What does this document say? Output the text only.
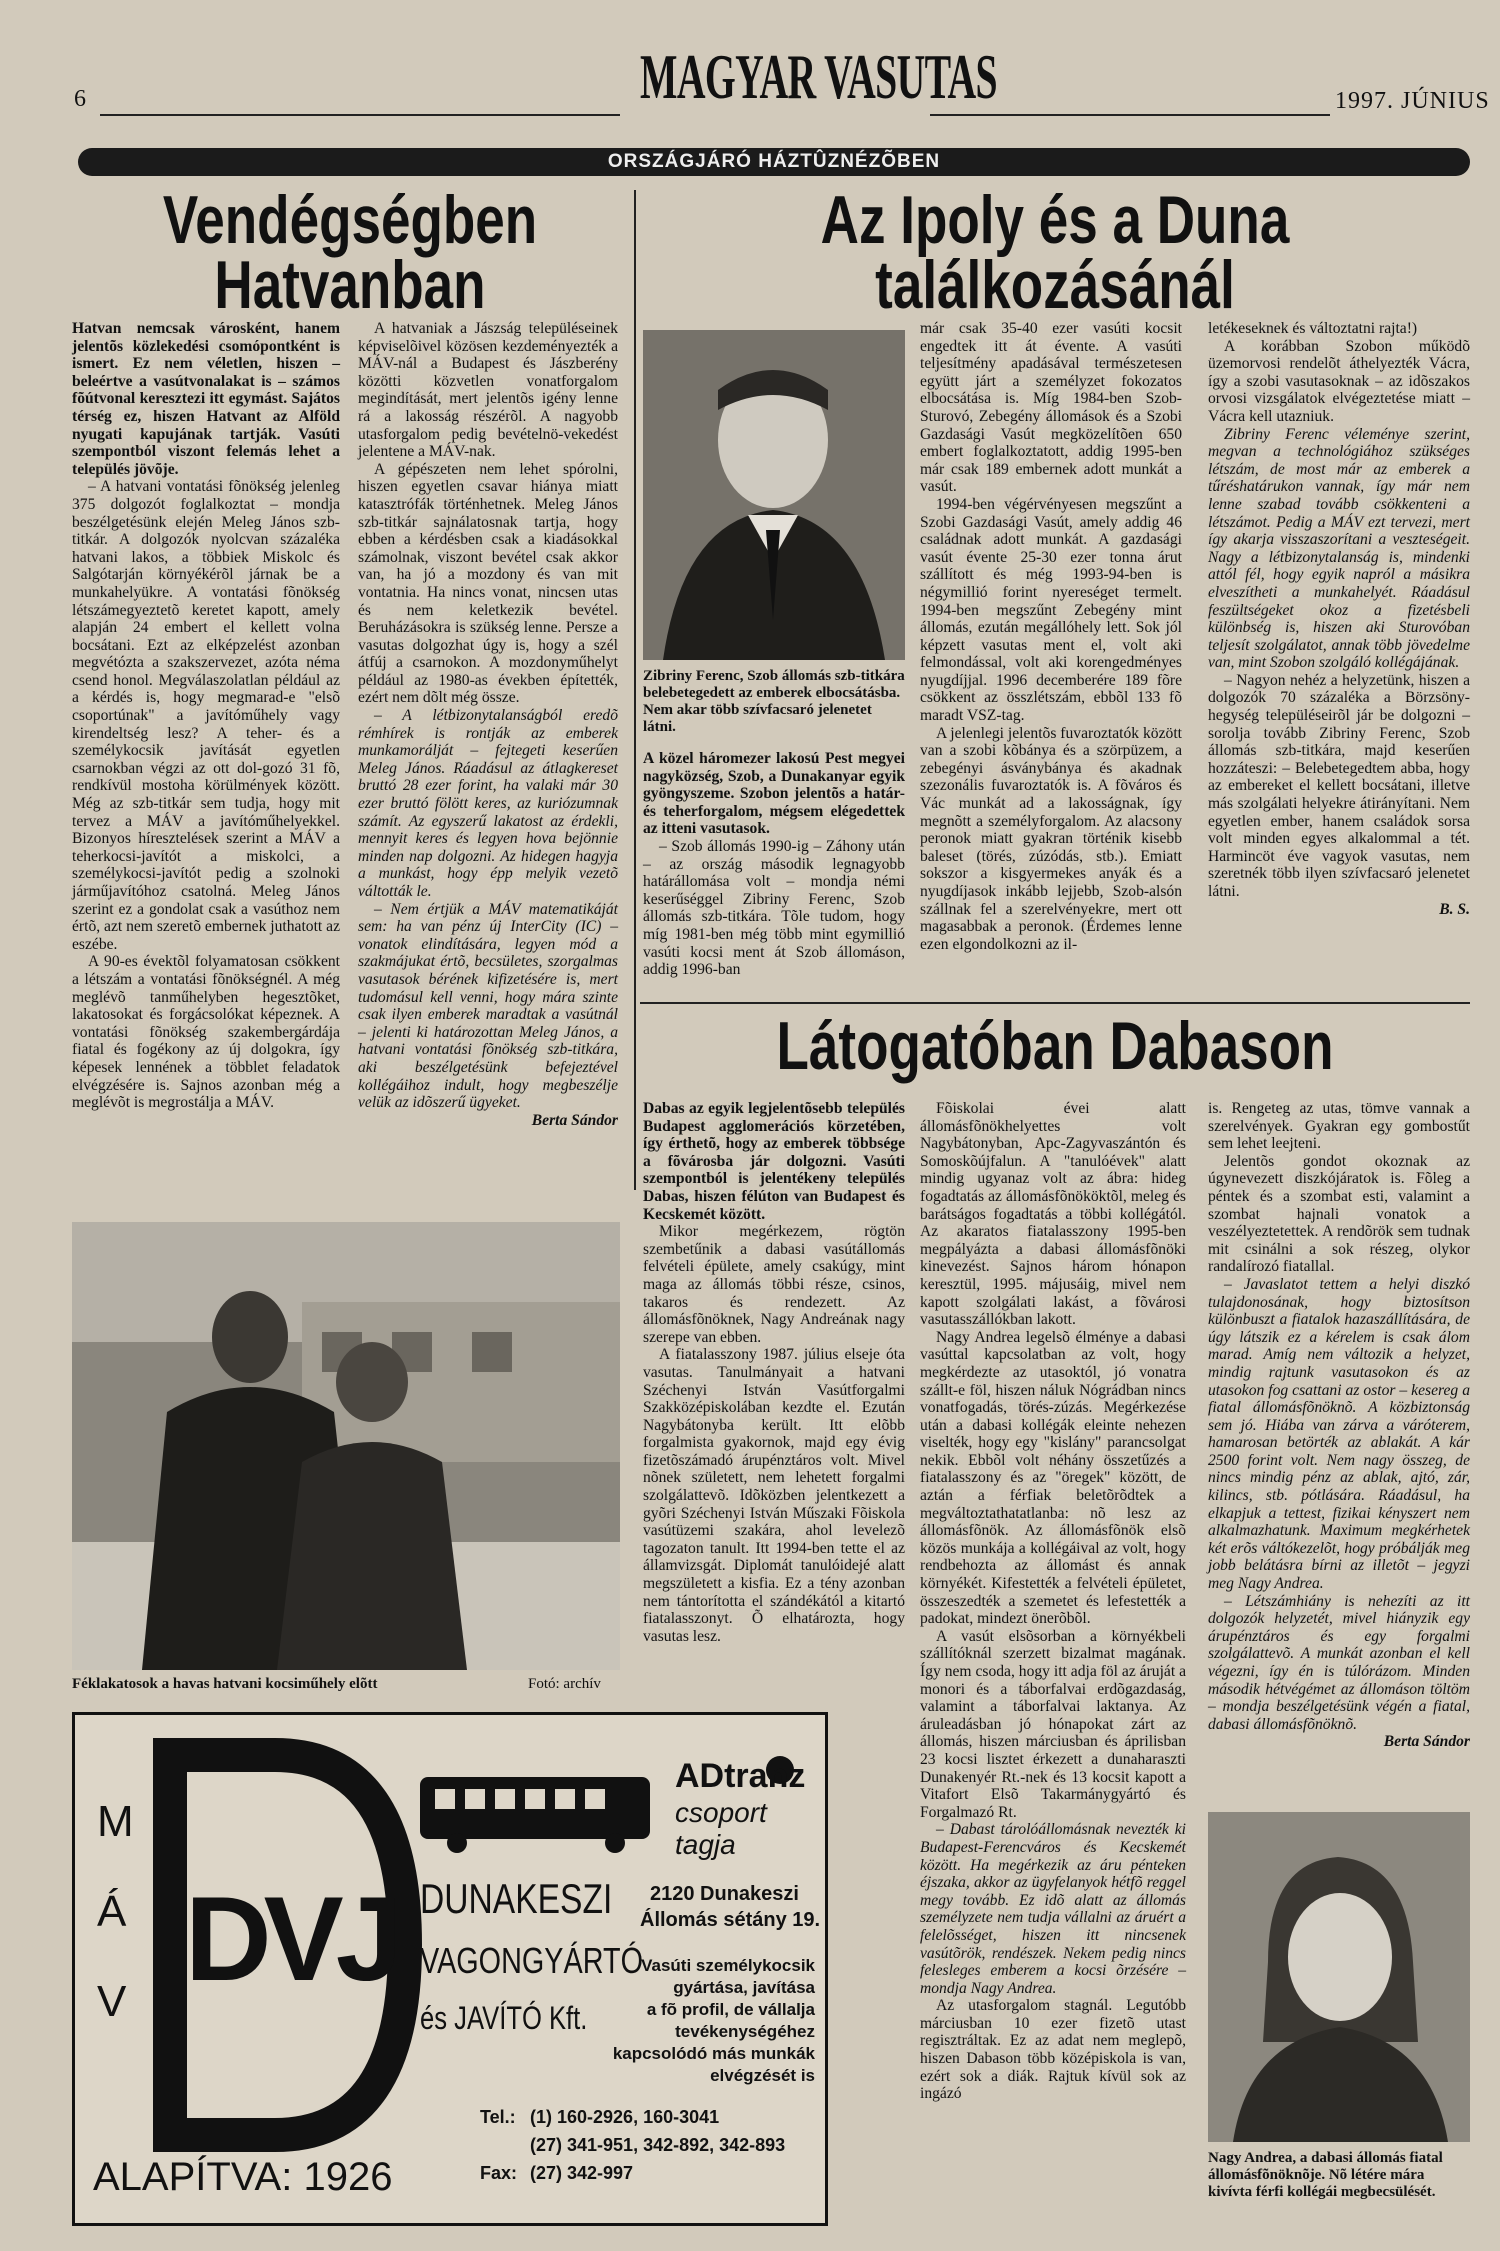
6	MAGYAR VASUTAS	1997. JÚNIUS
ORSZÁGJÁRÓ HÁZTÛZNÉZÕBEN
Vendégségben
Hatvanban

Hatvan nemcsak városként, hanem jelentõs közlekedési csomópontként is ismert. Ez nem véletlen, hiszen – beleértve a vasútvonalakat is – számos fõútvonal keresztezi itt egymást. Sajátos térség ez, hiszen Hatvant az Alföld nyugati kapujának tartják. Vasúti szempontból viszont felemás lehet a település jövõje.

– A hatvani vontatási fõnökség jelenleg 375 dolgozót foglalkoztat – mondja beszélgetésünk elején Meleg János szb-titkár. A dolgozók nyolcvan százaléka hatvani lakos, a többiek Miskolc és Salgótarján környékérõl járnak be a munkahelyükre. A vontatási fõnökség létszámegyeztetõ keretet kapott, amely alapján 24 embert el kellett volna bocsátani. Ezt az elképzelést azonban megvétózta a szakszervezet, azóta néma csend honol. Megválaszolatlan például az a kérdés is, hogy megmarad-e "elsõ csoportúnak" a javítóműhely vagy kirendeltség lesz? A teher- és a személykocsik javítását egyetlen csarnokban végzi az ott dol-gozó 31 fõ, rendkívül mostoha körülmények között. Még az szb-titkár sem tudja, hogy mit tervez a MÁV a javítóműhelyekkel. Bizonyos híresztelések szerint a MÁV a teherkocsi-javítót a miskolci, a személykocsi-javítót pedig a szolnoki járműjavítóhoz csatolná. Meleg János szerint ez a gondolat csak a vasúthoz nem értõ, azt nem szeretõ embernek juthatott az eszébe.

A 90-es évektõl folyamatosan csökkent a létszám a vontatási fõnökségnél. A még meglévõ tanműhelyben hegesztõket, lakatosokat és forgácsolókat képeznek. A vontatási fõnökség szakembergárdája fiatal és fogékony az új dolgokra, így képesek lennének a többlet feladatok elvégzésére is. Sajnos azonban még a meglévõt is megrostálja a MÁV.

A hatvaniak a Jászság településeinek képviselõivel közösen kezdeményezték a MÁV-nál a Budapest és Jászberény közötti közvetlen vonatforgalom megindítását, mert jelentõs igény lenne rá a lakosság részérõl. A nagyobb utasforgalom pedig bevételnö-vekedést jelentene a MÁV-nak.

A gépészeten nem lehet spórolni, hiszen egyetlen csavar hiánya miatt katasztrófák történhetnek. Meleg János szb-titkár sajnálatosnak tartja, hogy ebben a kérdésben csak a kiadásokkal számolnak, viszont bevétel csak akkor van, ha jó a mozdony és van mit vontatnia. Ha nincs vonat, nincsen utas és nem keletkezik bevétel. Beruházásokra is szükség lenne. Persze a vasutas dolgozhat úgy is, hogy a szél átfúj a csarnokon. A mozdonyműhelyt például az 1980-as években építették, ezért nem dõlt még össze.

– A létbizonytalanságból eredõ rémhírek is rontják az emberek munkamorálját – fejtegeti keserűen Meleg János. Ráadásul az átlagkereset bruttó 28 ezer forint, ha valaki már 30 ezer bruttó fölött keres, az kuriózumnak számít. Az egyszerű lakatost az érdekli, mennyit keres és legyen hova bejönnie minden nap dolgozni. Az hidegen hagyja a munkást, hogy épp melyik vezetõ váltották le.

– Nem értjük a MÁV matematikáját sem: ha van pénz új InterCity (IC) – vonatok elindítására, legyen mód a szakmájukat értõ, becsületes, szorgalmas vasutasok bérének kifizetésére is, mert tudomásul kell venni, hogy mára szinte csak ilyen emberek maradtak a vasútnál – jelenti ki határozottan Meleg János, a hatvani vontatási fõnökség szb-titkára, aki beszélgetésünk befejeztével kollégáihoz indult, hogy megbeszélje velük az idõszerű ügyeket.

Berta Sándor

Féklakatosok a havas hatvani kocsiműhely elõtt	Fotó: archív
Az Ipoly és a Duna
találkozásánál
Zibriny Ferenc, Szob állomás szb-titkára belebetegedett az emberek elbocsátásba. Nem akar több szívfacsaró jelenetet látni.

A közel háromezer lakosú Pest megyei nagyközség, Szob, a Dunakanyar egyik gyöngyszeme. Szobon jelentõs a határ- és teherforgalom, mégsem elégedettek az itteni vasutasok.

– Szob állomás 1990-ig – Záhony után – az ország második legnagyobb határállomása volt – mondja némi keserűséggel Zibriny Ferenc, Szob állomás szb-titkára. Tõle tudom, hogy míg 1981-ben még több mint egymillió vasúti kocsi ment át Szob állomáson, addig 1996-ban

már csak 35-40 ezer vasúti kocsit engedtek itt át évente. A vasúti teljesítmény apadásával természetesen együtt járt a személyzet fokozatos elbocsátása is. Míg 1984-ben Szob-Sturovó, Zebegény állomások és a Szobi Gazdasági Vasút megközelítõen 650 embert foglalkoztatott, addig 1995-ben már csak 189 embernek adott munkát a vasút.

1994-ben végérvényesen megszűnt a Szobi Gazdasági Vasút, amely addig 46 családnak adott munkát. A gazdasági vasút évente 25-30 ezer tonna árut szállított és még 1993-94-ben is négymillió forint nyereséget termelt. 1994-ben megszűnt Zebegény mint állomás, ezután megállóhely lett. Sok jól képzett vasutas ment el, volt aki felmondással, volt aki korengedményes nyugdíjjal. 1996 decemberére 189 fõre csökkent az összlétszám, ebbõl 133 fõ maradt VSZ-tag.

A jelenlegi jelentõs fuvaroztatók között van a szobi kõbánya és a szörpüzem, a zebegényi ásványbánya és akadnak szezonális fuvaroztatók is. A fõváros és Vác munkát ad a lakosságnak, így megnõtt a személyforgalom. Az alacsony peronok miatt gyakran történik kisebb baleset (törés, zúzódás, stb.). Emiatt sokszor a kisgyermekes anyák és a nyugdíjasok inkább lejjebb, Szob-alsón szállnak fel a szerelvényekre, mert ott magasabbak a peronok. (Érdemes lenne ezen elgondolkozni az il-

letékeseknek és változtatni rajta!)

A korábban Szobon működõ üzemorvosi rendelõt áthelyezték Vácra, így a szobi vasutasoknak – az idõszakos orvosi vizsgálatok elvégeztetése miatt – Vácra kell utazniuk.

Zibriny Ferenc véleménye szerint, megvan a technológiához szükséges létszám, de most már az emberek a tűréshatárukon vannak, így már nem lenne szabad tovább csökkenteni a létszámot. Pedig a MÁV ezt tervezi, mert így akarja visszaszorítani a veszteségeit. Nagy a létbizonytalanság is, mindenki attól fél, hogy egyik napról a másikra elveszítheti a munkahelyét. Ráadásul feszültségeket okoz a fizetésbeli különbség is, hiszen aki Sturovóban teljesít szolgálatot, annak több jövedelme van, mint Szobon szolgáló kollégájának.

– Nagyon nehéz a helyzetünk, hiszen a dolgozók 70 százaléka a Börzsöny-hegység településeirõl jár be dolgozni – sorolja tovább Zibriny Ferenc, Szob állomás szb-titkára, majd keserűen hozzáteszi: – Belebetegedtem abba, hogy az embereket el kellett bocsátani, illetve más szolgálati helyekre átirányítani. Nem egyetlen ember, hanem családok sorsa volt minden egyes alkalommal a tét. Harmincöt éve vagyok vasutas, nem szeretnék több ilyen szívfacsaró jelenetet látni.

B. S.

Látogatóban Dabason

Dabas az egyik legjelentõsebb település Budapest agglomerációs körzetében, így érthetõ, hogy az emberek többsége a fõvárosba jár dolgozni. Vasúti szempontból is jelentékeny település Dabas, hiszen félúton van Budapest és Kecskemét között.

Mikor megérkezem, rögtön szembetűnik a dabasi vasútállomás felvételi épülete, amely csakúgy, mint maga az állomás többi része, csinos, takaros és rendezett. Az állomásfõnöknek, Nagy Andreának nagy szerepe van ebben.

A fiatalasszony 1987. július elseje óta vasutas. Tanulmányait a hatvani Széchenyi István Vasútforgalmi Szakközépiskolában kezdte el. Ezután Nagybátonyba került. Itt elõbb forgalmista gyakornok, majd egy évig fizetõszámadó árupénztáros volt. Mivel nõnek született, nem lehetett forgalmi szolgálattevõ. Idõközben jelentkezett a gyõri Széchenyi István Műszaki Fõiskola vasútüzemi szakára, ahol levelezõ tagozaton tanult. Itt 1994-ben tette el az államvizsgát. Diplomát tanulóidejé alatt megszületett a kisfia. Ez a tény azonban nem tántorította el szándékától a kitartó fiatalasszonyt. Õ elhatározta, hogy vasutas lesz.

Fõiskolai évei alatt állomásfõnökhelyettes volt Nagybátonyban, Apc-Zagyvaszántón és Somoskõújfalun. A "tanulóévek" alatt mindig ugyanaz volt az ábra: hideg fogadtatás az állomásfõnököktõl, meleg és barátságos fogadtatás a többi kollégától. Az akaratos fiatalasszony 1995-ben megpályázta a dabasi állomásfõnöki kinevezést. Sajnos három hónapon keresztül, 1995. májusáig, mivel nem kapott szolgálati lakást, a fõvárosi vasutasszállókban lakott.

Nagy Andrea legelsõ élménye a dabasi vasúttal kapcsolatban az volt, hogy megkérdezte az utasoktól, jó vonatra szállt-e föl, hiszen náluk Nógrádban nincs vonatfogadás, törés-zúzás. Megérkezése után a dabasi kollégák eleinte nehezen viselték, hogy egy "kislány" parancsolgat nekik. Ebbõl volt néhány összetűzés a fiatalasszony és az "öregek" között, de aztán a férfiak beletõrõdtek a megváltoztathatatlanba: nõ lesz az állomásfõnök. Az állomásfõnök elsõ közös munkája a kollégáival az volt, hogy rendbehozta az állomást és annak környékét. Kifestették a felvételi épületet, összeszedték a szemetet és lefestették a padokat, mindezt önerõbõl.

A vasút elsõsorban a környékbeli szállítóknál szerzett bizalmat magának. Így nem csoda, hogy itt adja föl az áruját a monori és a táborfalvai erdõgazdaság, valamint a táborfalvai laktanya. Az áruleadásban jó hónapokat zárt az állomás, hiszen márciusban és áprilisban 23 kocsi lisztet érkezett a dunaharaszti Dunakenyér Rt.-nek és 13 kocsit kapott a Vitafort Elsõ Takarmánygyártó és Forgalmazó Rt.

– Dabast tárolóállomásnak nevezték ki Budapest-Ferencváros és Kecskemét között. Ha megérkezik az áru pénteken éjszaka, akkor az ügyfelanyok hétfõ reggel megy tovább. Ez idõ alatt az állomás személyzete nem tudja vállalni az áruért a felelõsséget, hiszen itt nincsenek vasútõrök, rendészek. Nekem pedig nincs felesleges emberem a kocsi õrzésére – mondja Nagy Andrea.

Az utasforgalom stagnál. Legutóbb márciusban 10 ezer fizetõ utast regisztráltak. Ez az adat nem meglepõ, hiszen Dabason több középiskola is van, ezért sok a diák. Rajtuk kívül sok az ingázó

is. Rengeteg az utas, tömve vannak a szerelvények. Gyakran egy gombostűt sem lehet leejteni.

Jelentõs gondot okoznak az úgynevezett diszkójáratok is. Fõleg a péntek és a szombat esti, valamint a szombat hajnali vonatok a veszélyeztetettek. A rendõrök sem tudnak mit csinálni a sok részeg, olykor randalírozó fiatallal.

– Javaslatot tettem a helyi diszkó tulajdonosának, hogy biztosítson különbuszt a fiatalok hazaszállítására, de úgy látszik ez a kérelem is csak álom marad. Amíg nem változik a helyzet, mindig rajtunk vasutasokon és az utasokon fog csattani az ostor – kesereg a fiatal állomásfõnöknõ. A közbiztonság sem jó. Hiába van zárva a váróterem, hamarosan betörték az ablakát. A kár 2500 forint volt. Nem nagy összeg, de nincs mindig pénz az ablak, ajtó, zár, kilincs, stb. pótlására. Ráadásul, ha elkapjuk a tettest, fizikai kényszert nem alkalmazhatunk. Maximum megkérhetek két erõs váltókezelõt, hogy próbálják meg jobb belátásra bírni az illetõt – jegyzi meg Nagy Andrea.

– Létszámhiány is nehezíti az itt dolgozók helyzetét, mivel hiányzik egy árupénztáros és egy forgalmi szolgálattevõ. A munkát azonban el kell végezni, így én is túlórázom. Minden második hétvégémet az állomáson töltöm – mondja beszélgetésünk végén a fiatal, dabasi állomásfõnöknõ.

Berta Sándor

Nagy Andrea, a dabasi állomás fiatal állomásfõnöknõje. Nõ létére mára kivívta férfi kollégái megbecsülését.
M
Á
V DVJ
ADtranz
csoport tagja
DUNAKESZI
VAGONGYÁRTÓ
és JAVÍTÓ Kft.
2120 Dunakeszi
Állomás sétány 19.
Vasúti személykocsik
gyártása, javítása
a fõ profil, de vállalja
tevékenységéhez
kapcsolódó más munkák
elvégzését is
ALAPÍTVA: 1926
Tel.: (1) 160-2926, 160-3041
(27) 341-951, 342-892, 342-893
Fax: (27) 342-997
